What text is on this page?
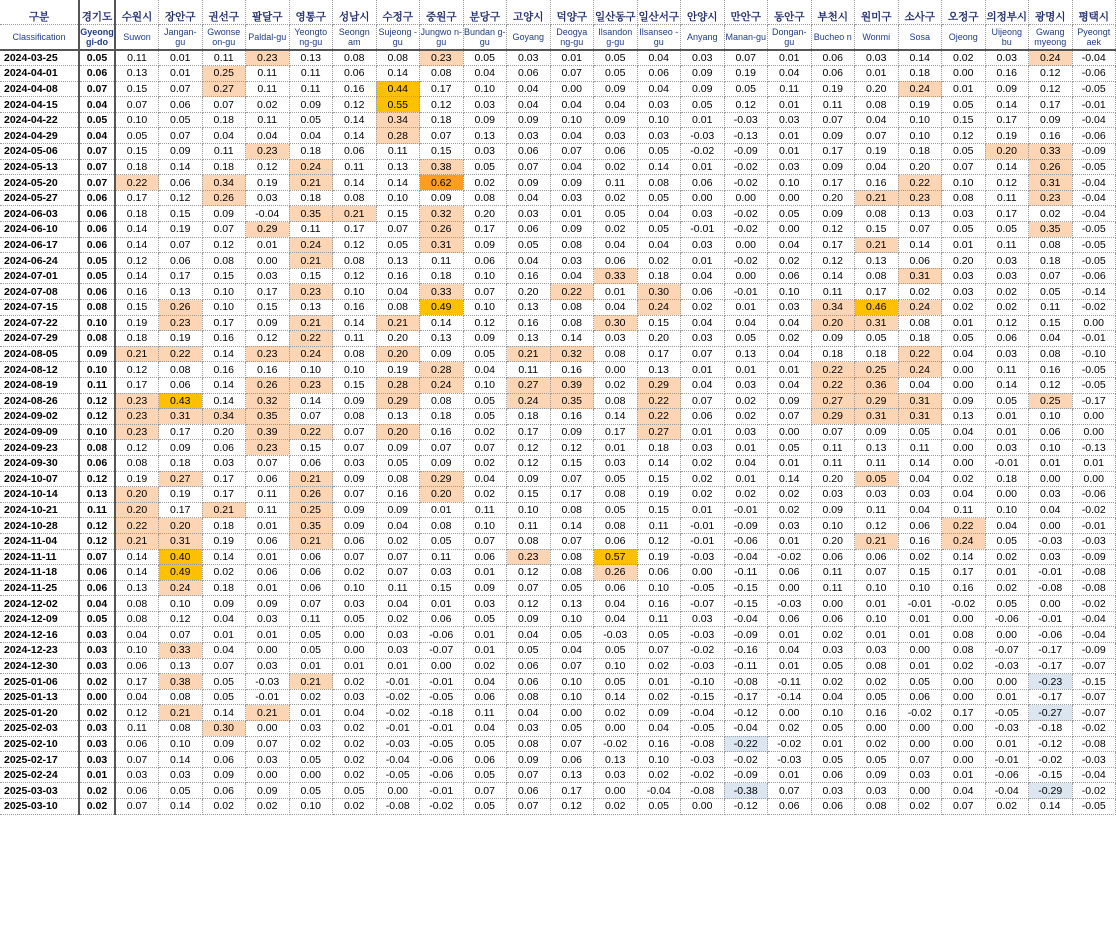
구분	경기도	수원시	장안구	권선구	팔달구	영통구	성남시	수정구	중원구	분당구	고양시	덕양구	일산동구	일산서구	안양시	만안구	동안구	부천시	원미구	소사구	오정구	의정부시	광명시	평택시
Classification	Gyeong gi-do	Suwon	Jangan-gu	Gwonse on-gu	Paldal-gu	Yeongto ng-gu	Seongn am	Sujeong -gu	Jungwo n-gu	Bundan g-gu	Goyang	Deogya ng-gu	Ilsandon g-gu	Ilsanseo -gu	Anyang	Manan-gu	Dongan-gu	Bucheo n	Wonmi	Sosa	Ojeong	Uijeong bu	Gwang myeong	Pyeongt aek
2024-03-25	0.05	0.11	0.01	0.11	0.23	0.13	0.08	0.08	0.23	0.05	0.03	0.01	0.05	0.04	0.03	0.07	0.01	0.06	0.03	0.14	0.02	0.03	0.24	-0.04
2024-04-01	0.06	0.13	0.01	0.25	0.11	0.11	0.06	0.14	0.08	0.04	0.06	0.07	0.05	0.06	0.09	0.19	0.04	0.06	0.01	0.18	0.00	0.16	0.12	-0.06
2024-04-08	0.07	0.15	0.07	0.27	0.11	0.11	0.16	0.44	0.17	0.10	0.04	0.00	0.09	0.04	0.09	0.05	0.11	0.19	0.20	0.24	0.01	0.09	0.12	-0.05
2024-04-15	0.04	0.07	0.06	0.07	0.02	0.09	0.12	0.55	0.12	0.03	0.04	0.04	0.04	0.03	0.05	0.12	0.01	0.11	0.08	0.19	0.05	0.14	0.17	-0.01
2024-04-22	0.05	0.10	0.05	0.18	0.11	0.05	0.14	0.34	0.18	0.09	0.09	0.10	0.09	0.10	0.01	-0.03	0.03	0.07	0.04	0.10	0.15	0.17	0.09	-0.04
2024-04-29	0.04	0.05	0.07	0.04	0.04	0.04	0.14	0.28	0.07	0.13	0.03	0.04	0.03	0.03	-0.03	-0.13	0.01	0.09	0.07	0.10	0.12	0.19	0.16	-0.06
2024-05-06	0.07	0.15	0.09	0.11	0.23	0.18	0.06	0.11	0.15	0.03	0.06	0.07	0.06	0.05	-0.02	-0.09	0.01	0.17	0.19	0.18	0.05	0.20	0.33	-0.09
2024-05-13	0.07	0.18	0.14	0.18	0.12	0.24	0.11	0.13	0.38	0.05	0.07	0.04	0.02	0.14	0.01	-0.02	0.03	0.09	0.04	0.20	0.07	0.14	0.26	-0.05
2024-05-20	0.07	0.22	0.06	0.34	0.19	0.21	0.14	0.14	0.62	0.02	0.09	0.09	0.11	0.08	0.06	-0.02	0.10	0.17	0.16	0.22	0.10	0.12	0.31	-0.04
2024-05-27	0.06	0.17	0.12	0.26	0.03	0.18	0.08	0.10	0.09	0.08	0.04	0.03	0.02	0.05	0.00	0.00	0.00	0.20	0.21	0.23	0.08	0.11	0.23	-0.04
2024-06-03	0.06	0.18	0.15	0.09	-0.04	0.35	0.21	0.15	0.32	0.20	0.03	0.01	0.05	0.04	0.03	-0.02	0.05	0.09	0.08	0.13	0.03	0.17	0.02	-0.04
2024-06-10	0.06	0.14	0.19	0.07	0.29	0.11	0.17	0.07	0.26	0.17	0.06	0.09	0.02	0.05	-0.01	-0.02	0.00	0.12	0.15	0.07	0.05	0.05	0.35	-0.05
2024-06-17	0.06	0.14	0.07	0.12	0.01	0.24	0.12	0.05	0.31	0.09	0.05	0.08	0.04	0.04	0.03	0.00	0.04	0.17	0.21	0.14	0.01	0.11	0.08	-0.05
2024-06-24	0.05	0.12	0.06	0.08	0.00	0.21	0.08	0.13	0.11	0.06	0.04	0.03	0.06	0.02	0.01	-0.02	0.02	0.12	0.13	0.06	0.20	0.03	0.18	-0.05
2024-07-01	0.05	0.14	0.17	0.15	0.03	0.15	0.12	0.16	0.18	0.10	0.16	0.04	0.33	0.18	0.04	0.00	0.06	0.14	0.08	0.31	0.03	0.03	0.07	-0.06
2024-07-08	0.06	0.16	0.13	0.10	0.17	0.23	0.10	0.04	0.33	0.07	0.20	0.22	0.01	0.30	0.06	-0.01	0.10	0.11	0.17	0.02	0.03	0.02	0.05	-0.14
2024-07-15	0.08	0.15	0.26	0.10	0.15	0.13	0.16	0.08	0.49	0.10	0.13	0.08	0.04	0.24	0.02	0.01	0.03	0.34	0.46	0.24	0.02	0.02	0.11	-0.02
2024-07-22	0.10	0.19	0.23	0.17	0.09	0.21	0.14	0.21	0.14	0.12	0.16	0.08	0.30	0.15	0.04	0.04	0.04	0.20	0.31	0.08	0.01	0.12	0.15	0.00
2024-07-29	0.08	0.18	0.19	0.16	0.12	0.22	0.11	0.20	0.13	0.09	0.13	0.14	0.03	0.20	0.03	0.05	0.02	0.09	0.05	0.18	0.05	0.06	0.04	-0.01
2024-08-05	0.09	0.21	0.22	0.14	0.23	0.24	0.08	0.20	0.09	0.05	0.21	0.32	0.08	0.17	0.07	0.13	0.04	0.18	0.18	0.22	0.04	0.03	0.08	-0.10
2024-08-12	0.10	0.12	0.08	0.16	0.16	0.10	0.10	0.19	0.28	0.04	0.11	0.16	0.00	0.13	0.01	0.01	0.01	0.22	0.25	0.24	0.00	0.11	0.16	-0.05
2024-08-19	0.11	0.17	0.06	0.14	0.26	0.23	0.15	0.28	0.24	0.10	0.27	0.39	0.02	0.29	0.04	0.03	0.04	0.22	0.36	0.04	0.00	0.14	0.12	-0.05
2024-08-26	0.12	0.23	0.43	0.14	0.32	0.14	0.09	0.29	0.08	0.05	0.24	0.35	0.08	0.22	0.07	0.02	0.09	0.27	0.29	0.31	0.09	0.05	0.25	-0.17
2024-09-02	0.12	0.23	0.31	0.34	0.35	0.07	0.08	0.13	0.18	0.05	0.18	0.16	0.14	0.22	0.06	0.02	0.07	0.29	0.31	0.31	0.13	0.01	0.10	0.00
2024-09-09	0.10	0.23	0.17	0.20	0.39	0.22	0.07	0.20	0.16	0.02	0.17	0.09	0.17	0.27	0.01	0.03	0.00	0.07	0.09	0.05	0.04	0.01	0.06	0.00
2024-09-23	0.08	0.12	0.09	0.06	0.23	0.15	0.07	0.09	0.07	0.07	0.12	0.12	0.01	0.18	0.03	0.01	0.05	0.11	0.13	0.11	0.00	0.03	0.10	-0.13
2024-09-30	0.06	0.08	0.18	0.03	0.07	0.06	0.03	0.05	0.09	0.02	0.12	0.15	0.03	0.14	0.02	0.04	0.01	0.11	0.11	0.14	0.00	-0.01	0.01	0.01
2024-10-07	0.12	0.19	0.27	0.17	0.06	0.21	0.09	0.08	0.29	0.04	0.09	0.07	0.05	0.15	0.02	0.01	0.14	0.20	0.05	0.04	0.02	0.18	0.00	0.00
2024-10-14	0.13	0.20	0.19	0.17	0.11	0.26	0.07	0.16	0.20	0.02	0.15	0.17	0.08	0.19	0.02	0.02	0.02	0.03	0.03	0.03	0.04	0.00	0.03	-0.06
2024-10-21	0.11	0.20	0.17	0.21	0.11	0.25	0.09	0.09	0.01	0.11	0.10	0.08	0.05	0.15	0.01	-0.01	0.02	0.09	0.11	0.04	0.11	0.10	0.04	-0.02
2024-10-28	0.12	0.22	0.20	0.18	0.01	0.35	0.09	0.04	0.08	0.10	0.11	0.14	0.08	0.11	-0.01	-0.09	0.03	0.10	0.12	0.06	0.22	0.04	0.00	-0.01
2024-11-04	0.12	0.21	0.31	0.19	0.06	0.21	0.06	0.02	0.05	0.07	0.08	0.07	0.06	0.12	-0.01	-0.06	0.01	0.20	0.21	0.16	0.24	0.05	-0.03	-0.03
2024-11-11	0.07	0.14	0.40	0.14	0.01	0.06	0.07	0.07	0.11	0.06	0.23	0.08	0.57	0.19	-0.03	-0.04	-0.02	0.06	0.06	0.02	0.14	0.02	0.03	-0.09
2024-11-18	0.06	0.14	0.49	0.02	0.06	0.06	0.02	0.07	0.03	0.01	0.12	0.08	0.26	0.06	0.00	-0.11	0.06	0.11	0.07	0.15	0.17	0.01	-0.01	-0.08
2024-11-25	0.06	0.13	0.24	0.18	0.01	0.06	0.10	0.11	0.15	0.09	0.07	0.05	0.06	0.10	-0.05	-0.15	0.00	0.11	0.10	0.10	0.16	0.02	-0.08	-0.08
2024-12-02	0.04	0.08	0.10	0.09	0.09	0.07	0.03	0.04	0.01	0.03	0.12	0.13	0.04	0.16	-0.07	-0.15	-0.03	0.00	0.01	-0.01	-0.02	0.05	0.00	-0.02
2024-12-09	0.05	0.08	0.12	0.04	0.03	0.11	0.05	0.02	0.06	0.05	0.09	0.10	0.04	0.11	0.03	-0.04	0.06	0.06	0.10	0.01	0.00	-0.06	-0.01	-0.04
2024-12-16	0.03	0.04	0.07	0.01	0.01	0.05	0.00	0.03	-0.06	0.01	0.04	0.05	-0.03	0.05	-0.03	-0.09	0.01	0.02	0.01	0.01	0.08	0.00	-0.06	-0.04
2024-12-23	0.03	0.10	0.33	0.04	0.00	0.05	0.00	0.03	-0.07	0.01	0.05	0.04	0.05	0.07	-0.02	-0.16	0.04	0.03	0.03	0.00	0.08	-0.07	-0.17	-0.09
2024-12-30	0.03	0.06	0.13	0.07	0.03	0.01	0.01	0.01	0.00	0.02	0.06	0.07	0.10	0.02	-0.03	-0.11	0.01	0.05	0.08	0.01	0.02	-0.03	-0.17	-0.07
2025-01-06	0.02	0.17	0.38	0.05	-0.03	0.21	0.02	-0.01	-0.01	0.04	0.06	0.10	0.05	0.01	-0.10	-0.08	-0.11	0.02	0.02	0.05	0.00	0.00	-0.23	-0.15
2025-01-13	0.00	0.04	0.08	0.05	-0.01	0.02	0.03	-0.02	-0.05	0.06	0.08	0.10	0.14	0.02	-0.15	-0.17	-0.14	0.04	0.05	0.06	0.00	0.01	-0.17	-0.07
2025-01-20	0.02	0.12	0.21	0.14	0.21	0.01	0.04	-0.02	-0.18	0.11	0.04	0.00	0.02	0.09	-0.04	-0.12	0.00	0.10	0.16	-0.02	0.17	-0.05	-0.27	-0.07
2025-02-03	0.03	0.11	0.08	0.30	0.00	0.03	0.02	-0.01	-0.01	0.04	0.03	0.05	0.00	0.04	-0.05	-0.04	0.02	0.05	0.00	0.00	0.00	-0.03	-0.18	-0.02
2025-02-10	0.03	0.06	0.10	0.09	0.07	0.02	0.02	-0.03	-0.05	0.05	0.08	0.07	-0.02	0.16	-0.08	-0.22	-0.02	0.01	0.02	0.00	0.00	0.01	-0.12	-0.08
2025-02-17	0.03	0.07	0.14	0.06	0.03	0.05	0.02	-0.04	-0.06	0.06	0.09	0.06	0.13	0.10	-0.03	-0.02	-0.03	0.05	0.05	0.07	0.00	-0.01	-0.02	-0.03
2025-02-24	0.01	0.03	0.03	0.09	0.00	0.00	0.02	-0.05	-0.06	0.05	0.07	0.13	0.03	0.02	-0.02	-0.09	0.01	0.06	0.09	0.03	0.01	-0.06	-0.15	-0.04
2025-03-03	0.02	0.06	0.05	0.06	0.09	0.05	0.05	0.00	-0.01	0.07	0.06	0.17	0.00	-0.04	-0.08	-0.38	0.07	0.03	0.03	0.00	0.04	-0.04	-0.29	-0.02
2025-03-10	0.02	0.07	0.14	0.02	0.02	0.10	0.02	-0.08	-0.02	0.05	0.07	0.12	0.02	0.05	0.00	-0.12	0.06	0.06	0.08	0.02	0.07	0.02	0.14	-0.05
